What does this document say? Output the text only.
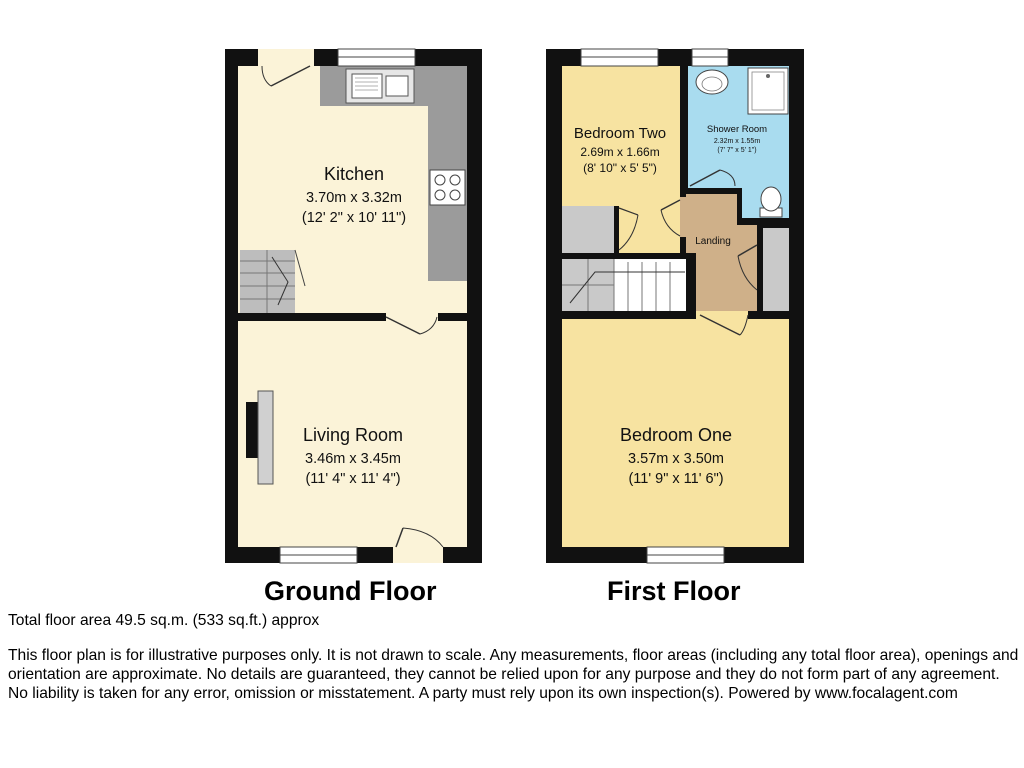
Kitchen
3.70m x 3.32m
(12' 2" x 10' 11")
Living Room
3.46m x 3.45m
(11' 4" x 11' 4")
Bedroom Two
2.69m x 1.66m
(8' 10" x 5' 5")
Shower Room
2.32m x 1.55m
(7' 7" x 5' 1")
Landing
Bedroom One
3.57m x 3.50m
(11' 9" x 11' 6")
Ground Floor	First Floor
Total floor area 49.5 sq.m. (533 sq.ft.) approx
This floor plan is for illustrative purposes only. It is not drawn to scale. Any measurements, floor areas (including any total floor area), openings and orientation are approximate. No details are guaranteed, they cannot be relied upon for any purpose and they do not form part of any agreement. No liability is taken for any error, omission or misstatement. A party must rely upon its own inspection(s). Powered by www.focalagent.com
